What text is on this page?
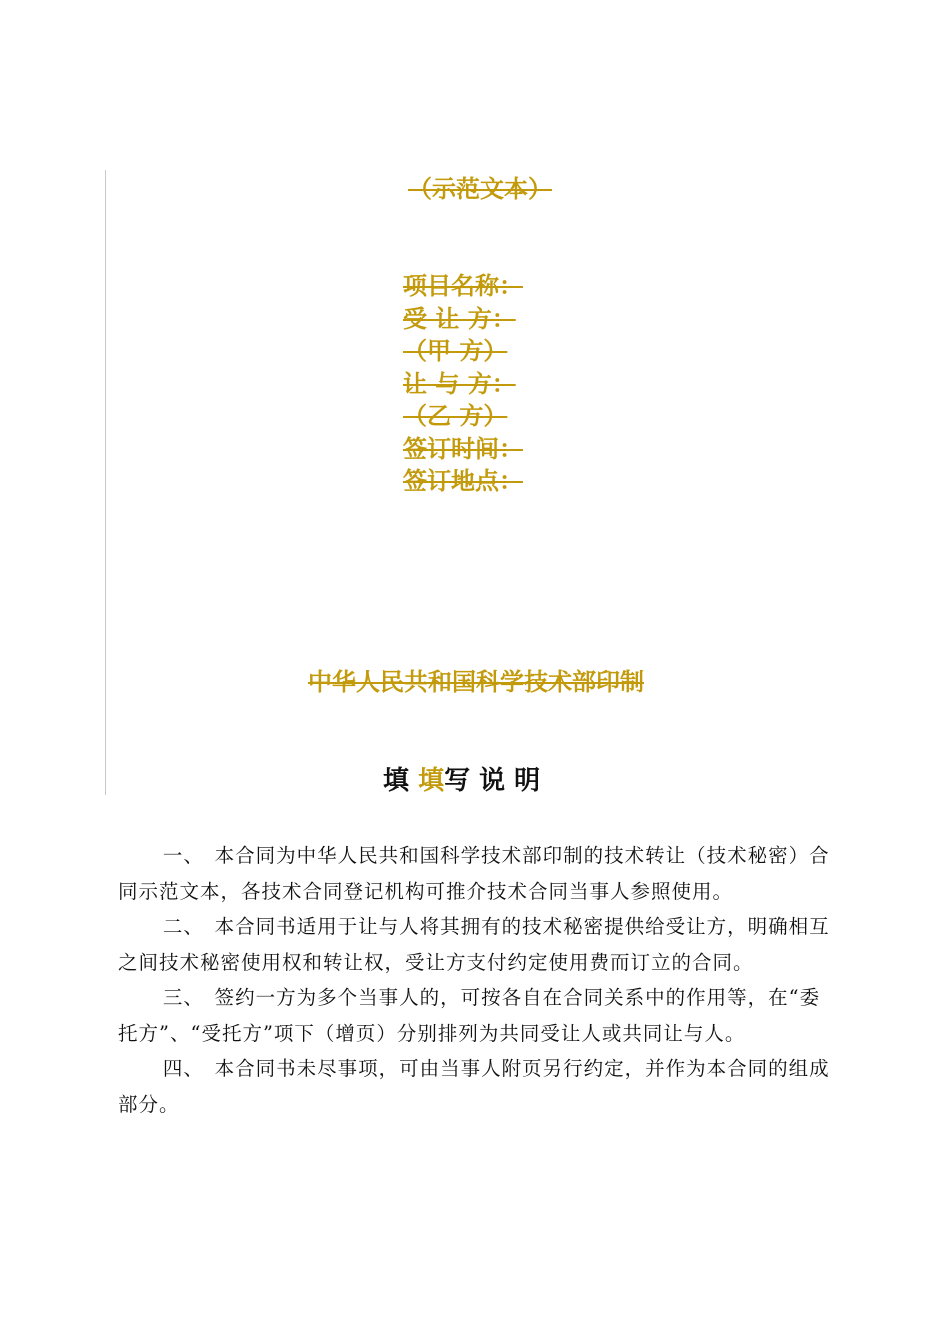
（示范文本）
项目名称：
受 让 方：
（甲 方）
让 与 方：
（乙 方）
签订时间：
签订地点：
中华人民共和国科学技术部印制
填 填写 说 明

一、　本合同为中华人民共和国科学技术部印制的技术转让（技术秘密）合同示范文本，各技术合同登记机构可推介技术合同当事人参照使用。

二、　本合同书适用于让与人将其拥有的技术秘密提供给受让方，明确相互之间技术秘密使用权和转让权，受让方支付约定使用费而订立的合同。

三、　签约一方为多个当事人的，可按各自在合同关系中的作用等，在“委托方”、“受托方”项下（增页）分别排列为共同受让人或共同让与人。

四、　本合同书未尽事项，可由当事人附页另行约定，并作为本合同的组成部分。
